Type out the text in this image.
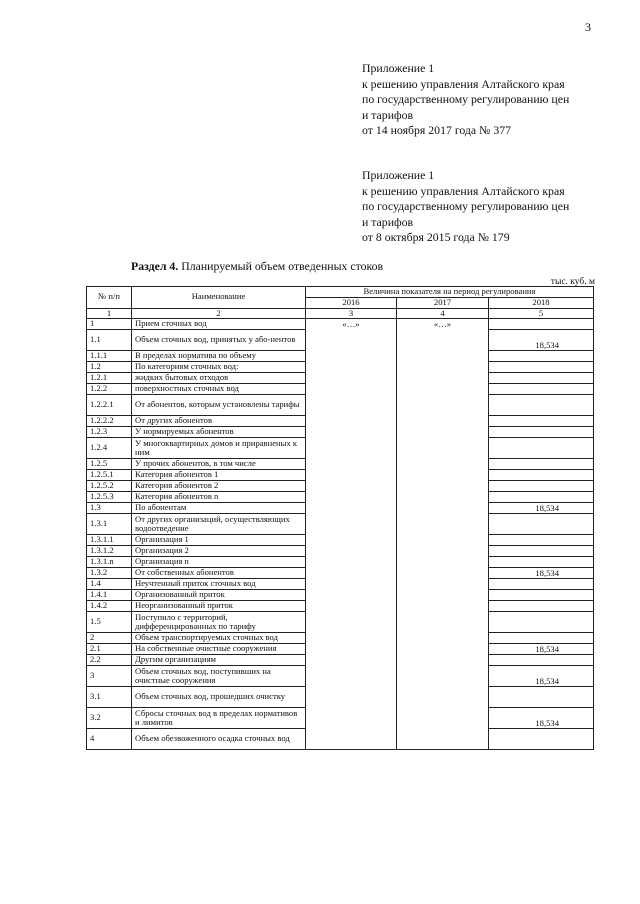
3
Приложение 1
к решению управления Алтайского края
по государственному регулированию цен
и тарифов
от 14 ноября 2017 года № 377
Приложение 1
к решению управления Алтайского края
по государственному регулированию цен
и тарифов
от 8 октября 2015 года № 179
Раздел 4. Планируемый объем отведенных стоков
тыс. куб. м
№ п/п	Наименование	Величина показателя на период регулирования		
		2016	2017	2018
1	2	3	4	5
1	Прием сточных вод	«…»	«…»	
1.1	Объем сточных вод, принятых у або-нентов			18,534
1.1.1	В пределах норматива по объему			
1.2	По категориям сточных вод:			
1.2.1	жидких бытовых отходов			
1.2.2	поверхностных сточных вод			
1.2.2.1	От абонентов, которым установлены тарифы			
1.2.2.2	От других абонентов			
1.2.3	У нормируемых абонентов			
1.2.4	У многоквартирных домов и приравненых к ним			
1.2.5	У прочих абонентов, в том числе			
1.2.5.1	Категория абонентов 1			
1.2.5.2	Категория абонентов 2			
1.2.5.3	Категория абонентов n			
1.3	По абонентам			18,534
1.3.1	От других организаций, осуществляющих водоотведение			
1.3.1.1	Организация 1			
1.3.1.2	Организация 2			
1.3.1.n	Организация n			
1.3.2	От собственных абонентов			18,534
1.4	Неучтенный приток сточных вод			
1.4.1	Организованный приток			
1.4.2	Неорганизованный приток			
1.5	Поступило с территорий, дифференцированных по тарифу			
2	Объем транспортируемых сточных вод			
2.1	На собственные очистные сооружения			18,534
2.2	Другим организациям			
3	Объем сточных вод, поступивших на очистные сооружения			18,534
3.1	Объем сточных вод, прошедших очистку			
3.2	Сбросы сточных вод в пределах нормативов и лимитов			18,534
4	Объем обезвоженного осадка сточных вод			
